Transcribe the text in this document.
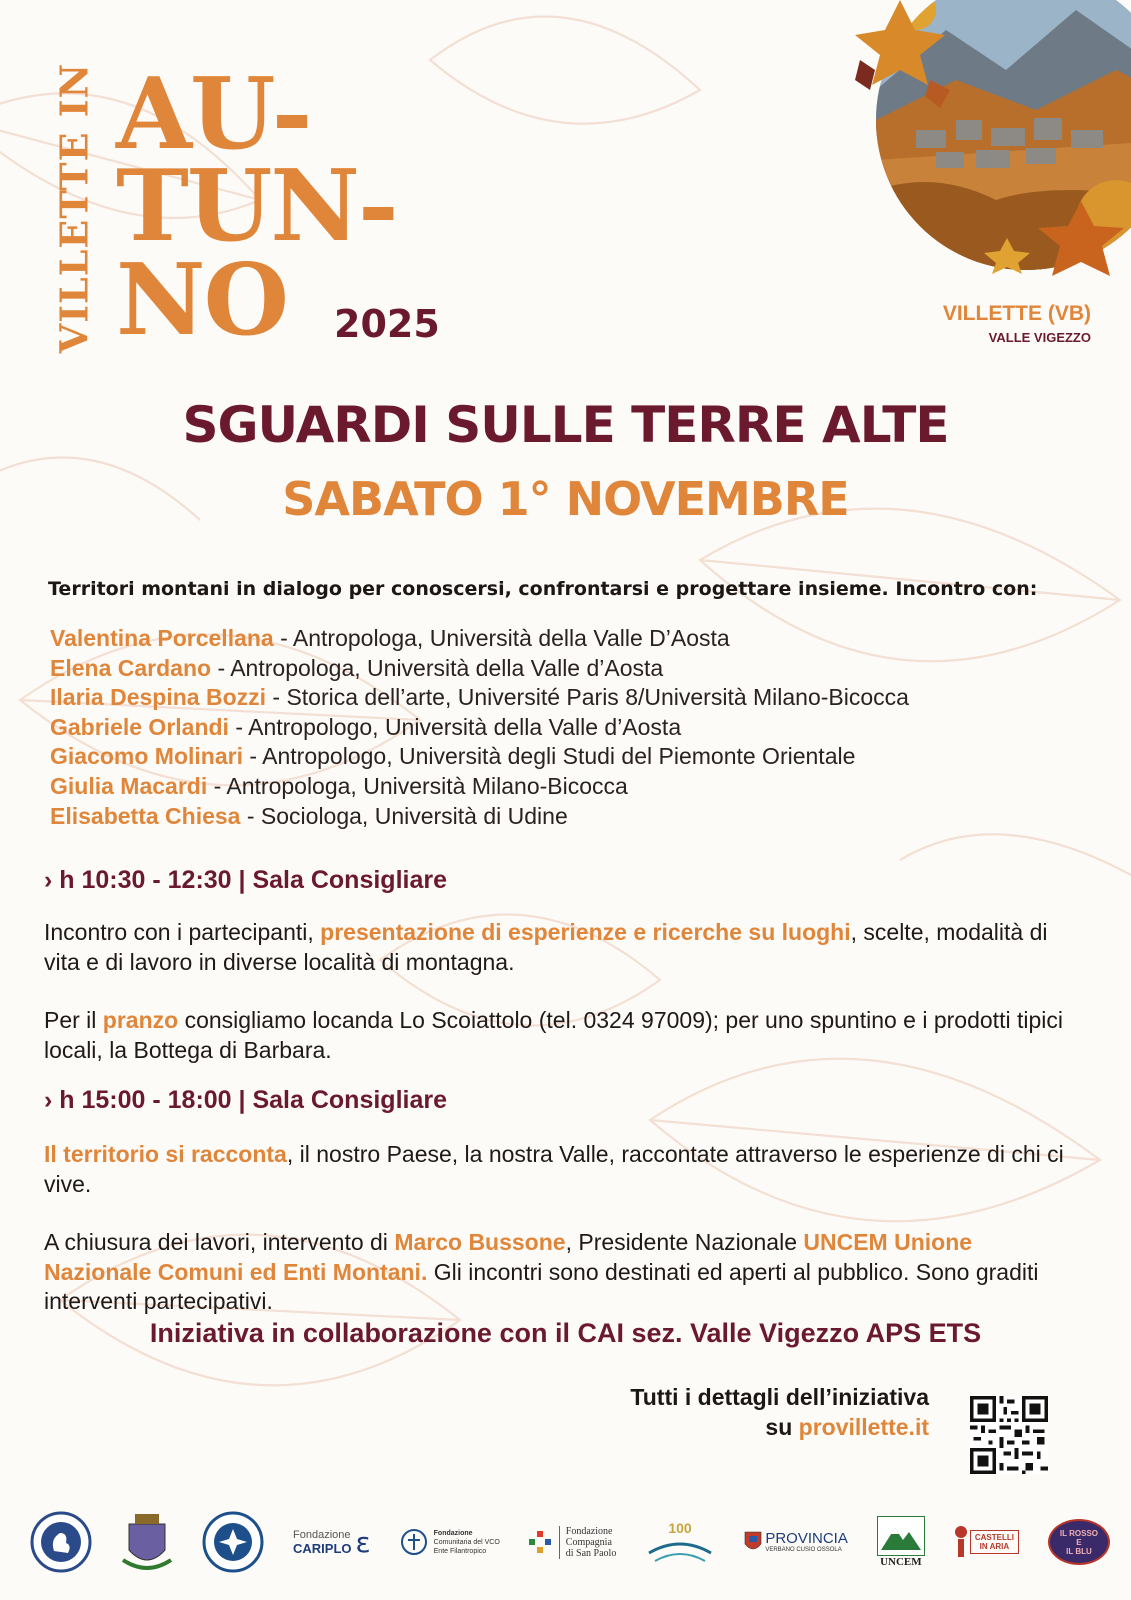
VILLETTE IN AU-
TUN-
NO 2025	VILLETTE (VB)
VALLE VIGEZZO
SGUARDI SULLE TERRE ALTE
SABATO 1° NOVEMBRE
Territori montani in dialogo per conoscersi, confrontarsi e progettare insieme. Incontro con:
Valentina Porcellana - Antropologa, Università della Valle D’Aosta
Elena Cardano - Antropologa, Università della Valle d’Aosta
Ilaria Despina Bozzi - Storica dell’arte, Université Paris 8/Università Milano-Bicocca
Gabriele Orlandi - Antropologo, Università della Valle d’Aosta
Giacomo Molinari - Antropologo, Università degli Studi del Piemonte Orientale
Giulia Macardi - Antropologa, Università Milano-Bicocca
Elisabetta Chiesa - Sociologa, Università di Udine
› h 10:30 - 12:30 | Sala Consigliare
Incontro con i partecipanti, presentazione di esperienze e ricerche su luoghi, scelte, modalità di vita e di lavoro in diverse località di montagna.
Per il pranzo consigliamo locanda Lo Scoiattolo (tel. 0324 97009); per uno spuntino e i prodotti tipici locali, la Bottega di Barbara.
› h 15:00 - 18:00 | Sala Consigliare
Il territorio si racconta, il nostro Paese, la nostra Valle, raccontate attraverso le esperienze di chi ci vive.
A chiusura dei lavori, intervento di Marco Bussone, Presidente Nazionale UNCEM Unione Nazionale Comuni ed Enti Montani. Gli incontri sono destinati ed aperti al pubblico. Sono graditi interventi partecipativi.
Iniziativa in collaborazione con il CAI sez. Valle Vigezzo APS ETS
Tutti i dettagli dell’iniziativa
su provillette.it
Fondazione
CARIPLO ɛ	Fondazione
Comunitaria del VCO
Ente Filantropico
Fondazione
Compagnia
di San Paolo
100
PROVINCIA
VERBANO CUSIO OSSOLA
UNCEM
CASTELLI
IN ARIA
IL ROSSO
E
IL BLU
